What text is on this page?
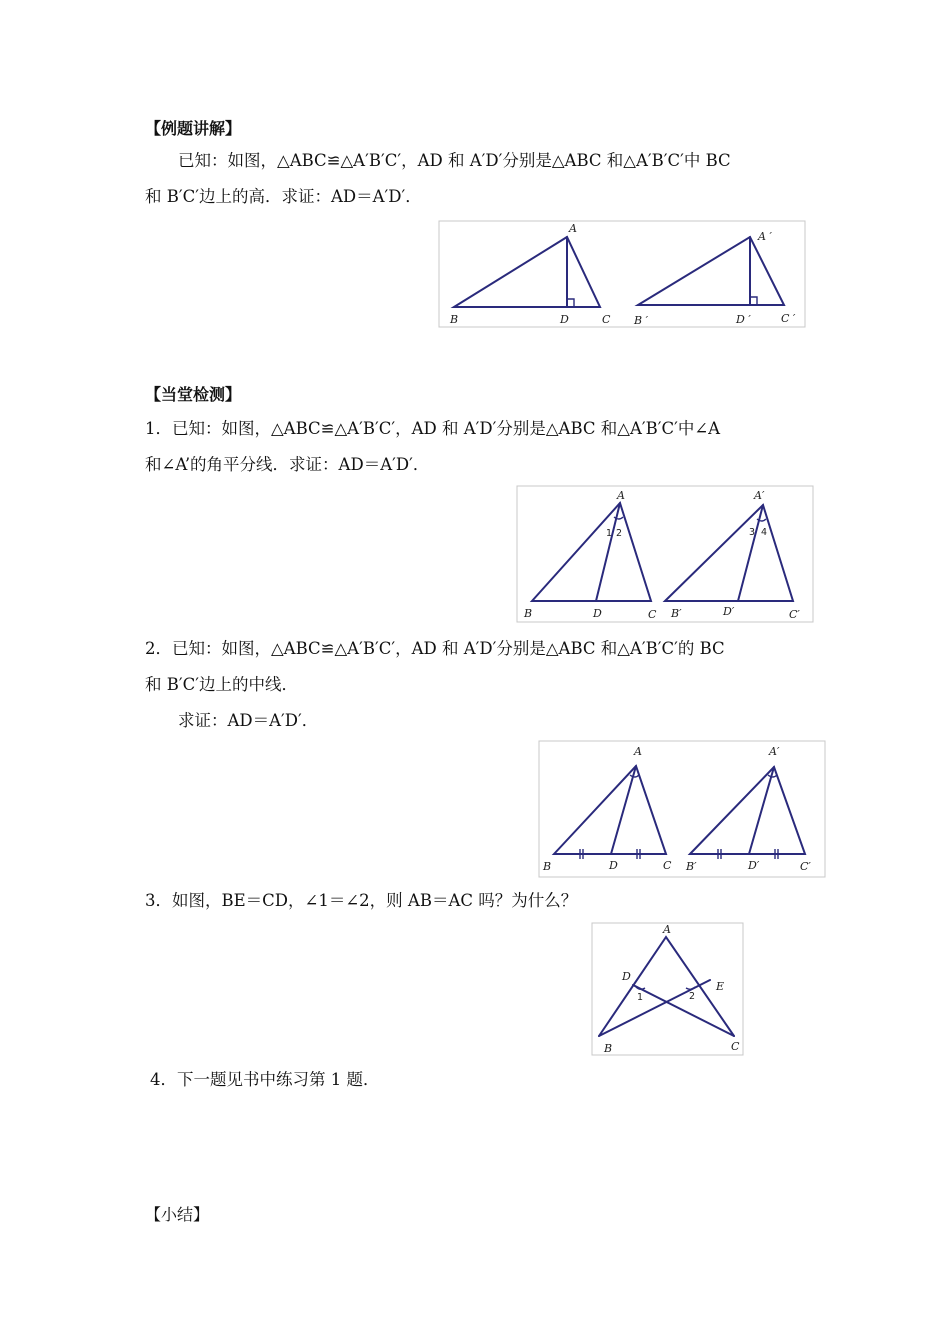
【例题讲解】
已知：如图，△ABC≌△A′B′C′，AD 和 A′D′分别是△ABC 和△A′B′C′中 BC
和 B′C′边上的高．求证：AD＝A′D′．
A
B	C
D
A ′
B ′	C ′
D ′
【当堂检测】
1．已知：如图，△ABC≌△A′B′C′，AD 和 A′D′分别是△ABC 和△A′B′C′中∠A
和∠A’的角平分线．求证：AD＝A′D′．
A
B	C
D
1 2
A′
B′	C′
D′
3 4
2．已知：如图，△ABC≌△A′B′C′，AD 和 A′D′分别是△ABC 和△A′B′C′的 BC
和 B′C′边上的中线．
求证：AD＝A′D′．
A
B	C
D
A′
B′	C′
D′
3．如图，BE＝CD，∠1＝∠2，则 AB＝AC 吗？为什么？
A
B	C
D
E
1	2
4．下一题见书中练习第 1 题．
【小结】
